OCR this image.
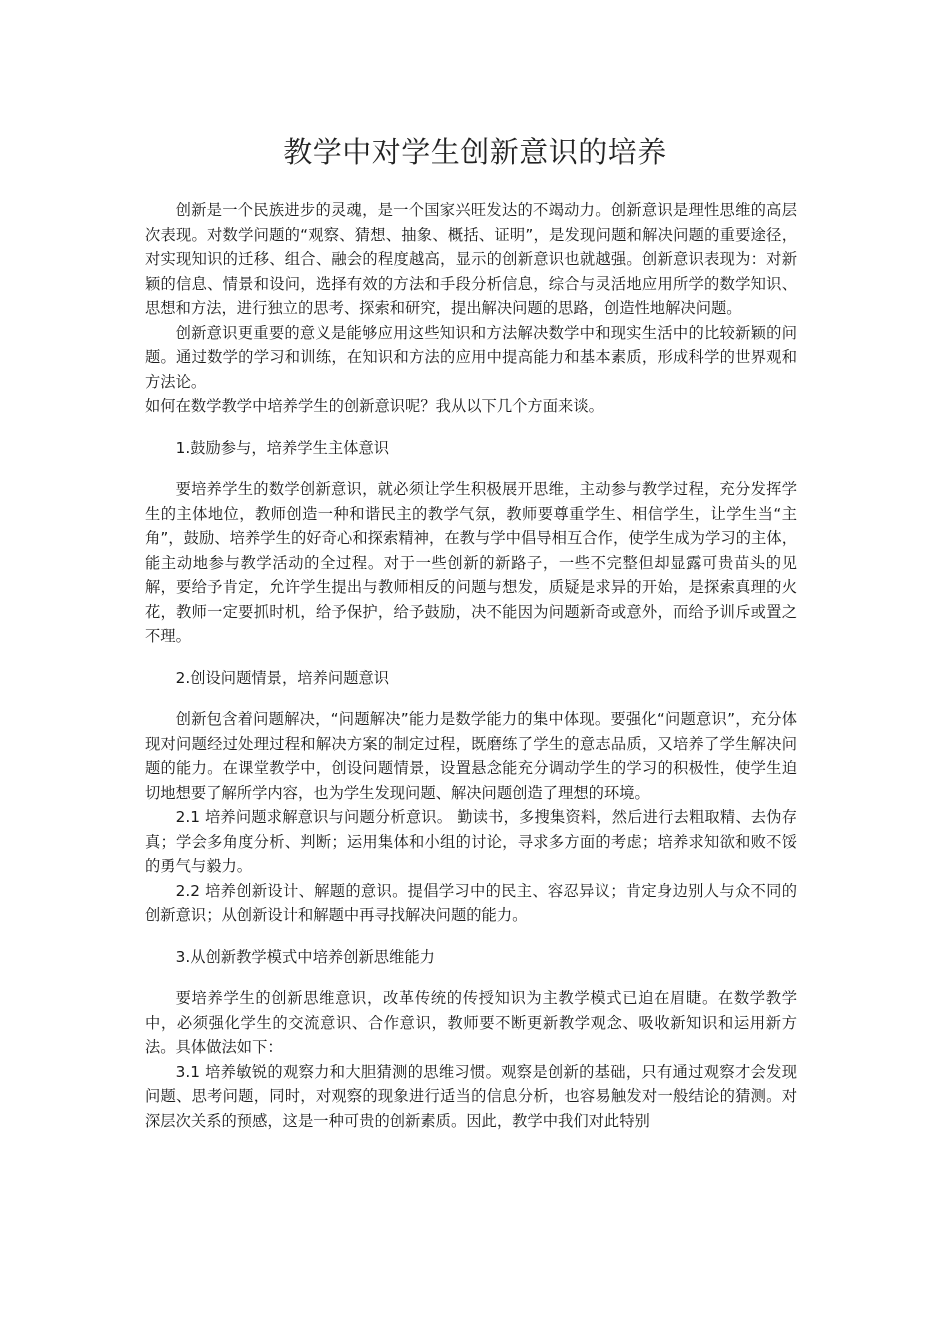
教学中对学生创新意识的培养

创新是一个民族进步的灵魂，是一个国家兴旺发达的不竭动力。创新意识是理性思维的高层次表现。对数学问题的“观察、猜想、抽象、概括、证明”，是发现问题和解决问题的重要途径，对实现知识的迁移、组合、融会的程度越高，显示的创新意识也就越强。创新意识表现为：对新颖的信息、情景和设问，选择有效的方法和手段分析信息，综合与灵活地应用所学的数学知识、思想和方法，进行独立的思考、探索和研究，提出解决问题的思路，创造性地解决问题。

创新意识更重要的意义是能够应用这些知识和方法解决数学中和现实生活中的比较新颖的问题。通过数学的学习和训练，在知识和方法的应用中提高能力和基本素质，形成科学的世界观和方法论。

如何在数学教学中培养学生的创新意识呢？我从以下几个方面来谈。

1.鼓励参与，培养学生主体意识

要培养学生的数学创新意识，就必须让学生积极展开思维，主动参与教学过程，充分发挥学生的主体地位，教师创造一种和谐民主的教学气氛，教师要尊重学生、相信学生，让学生当“主角”，鼓励、培养学生的好奇心和探索精神，在教与学中倡导相互合作，使学生成为学习的主体，能主动地参与教学活动的全过程。对于一些创新的新路子，一些不完整但却显露可贵苗头的见解，要给予肯定，允许学生提出与教师相反的问题与想发，质疑是求异的开始，是探索真理的火花，教师一定要抓时机，给予保护，给予鼓励，决不能因为问题新奇或意外，而给予训斥或置之不理。

2.创设问题情景，培养问题意识

创新包含着问题解决，“问题解决”能力是数学能力的集中体现。要强化“问题意识”，充分体现对问题经过处理过程和解决方案的制定过程，既磨练了学生的意志品质，又培养了学生解决问题的能力。在课堂教学中，创设问题情景，设置悬念能充分调动学生的学习的积极性，使学生迫切地想要了解所学内容，也为学生发现问题、解决问题创造了理想的环境。

2.1 培养问题求解意识与问题分析意识。 勤读书，多搜集资料，然后进行去粗取精、去伪存真；学会多角度分析、判断；运用集体和小组的讨论，寻求多方面的考虑；培养求知欲和败不馁的勇气与毅力。

2.2 培养创新设计、解题的意识。提倡学习中的民主、容忍异议；肯定身边别人与众不同的创新意识；从创新设计和解题中再寻找解决问题的能力。

3.从创新教学模式中培养创新思维能力

要培养学生的创新思维意识，改革传统的传授知识为主教学模式已迫在眉睫。在数学教学中，必须强化学生的交流意识、合作意识，教师要不断更新教学观念、吸收新知识和运用新方法。具体做法如下：

3.1 培养敏锐的观察力和大胆猜测的思维习惯。观察是创新的基础，只有通过观察才会发现问题、思考问题，同时，对观察的现象进行适当的信息分析，也容易触发对一般结论的猜测。对深层次关系的预感，这是一种可贵的创新素质。因此，教学中我们对此特别
